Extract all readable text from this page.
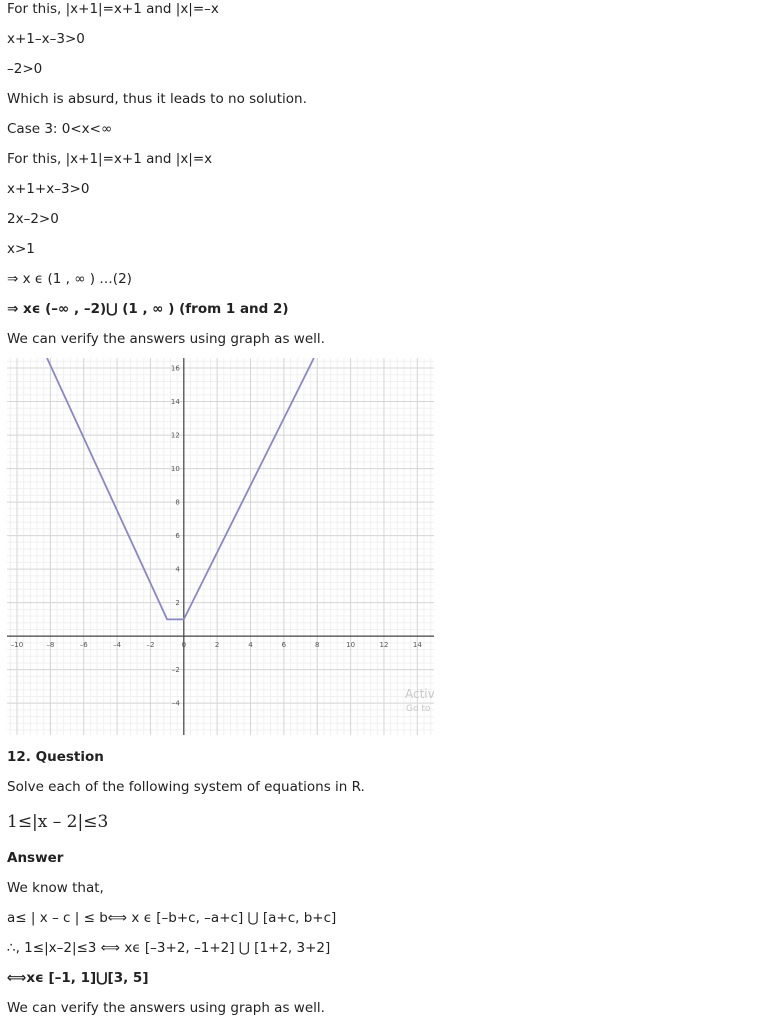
For this, |x+1|=x+1 and |x|=–x
x+1–x–3>0
–2>0
Which is absurd, thus it leads to no solution.
Case 3: 0<x<∞
For this, |x+1|=x+1 and |x|=x
x+1+x–3>0
2x–2>0
x>1
⇒ x ϵ (1 , ∞ ) …(2)
⇒ xϵ (–∞ , –2)⋃ (1 , ∞ ) (from 1 and 2)
We can verify the answers using graph as well.
–10	–8	–6	–4	–2	0	2	4	6	8	10	12	14
16
14
12
10
8
6
4
2
–2
–4
Activ
Go to
12. Question
Solve each of the following system of equations in R.
1≤|x – 2|≤3
Answer
We know that,
a≤ | x – c | ≤ b⟺ x ϵ [–b+c, –a+c] ⋃ [a+c, b+c]
∴, 1≤|x–2|≤3 ⟺ xϵ [–3+2, –1+2] ⋃ [1+2, 3+2]
⟺xϵ [–1, 1]⋃[3, 5]
We can verify the answers using graph as well.
